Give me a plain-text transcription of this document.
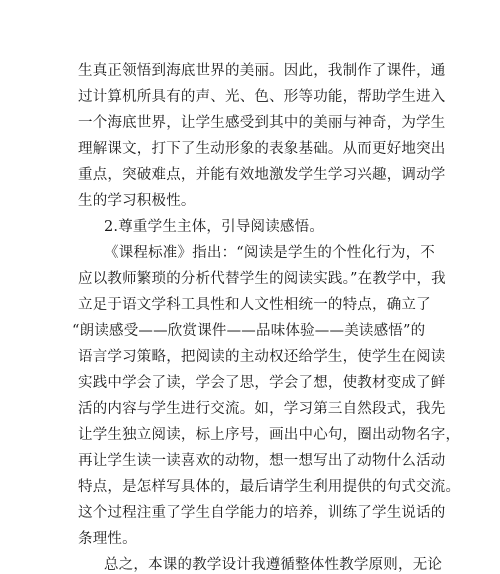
生真正领悟到海底世界的美丽。因此，我制作了课件，通
过计算机所具有的声、光、色、形等功能，帮助学生进入
一个海底世界，让学生感受到其中的美丽与神奇，为学生
理解课文，打下了生动形象的表象基础。从而更好地突出
重点，突破难点，并能有效地激发学生学习兴趣，调动学
生的学习积极性。
2.尊重学生主体，引导阅读感悟。
《课程标准》指出：“阅读是学生的个性化行为，不
应以教师繁琐的分析代替学生的阅读实践。”在教学中，我
立足于语文学科工具性和人文性相统一的特点，确立了
“朗读感受——欣赏课件——品味体验——美读感悟”的
语言学习策略，把阅读的主动权还给学生，使学生在阅读
实践中学会了读，学会了思，学会了想，使教材变成了鲜
活的内容与学生进行交流。如，学习第三自然段式，我先
让学生独立阅读，标上序号，画出中心句，圈出动物名字，
再让学生读一读喜欢的动物，想一想写出了动物什么活动
特点，是怎样写具体的，最后请学生利用提供的句式交流。
这个过程注重了学生自学能力的培养，训练了学生说话的
条理性。
总之，本课的教学设计我遵循整体性教学原则，无论
